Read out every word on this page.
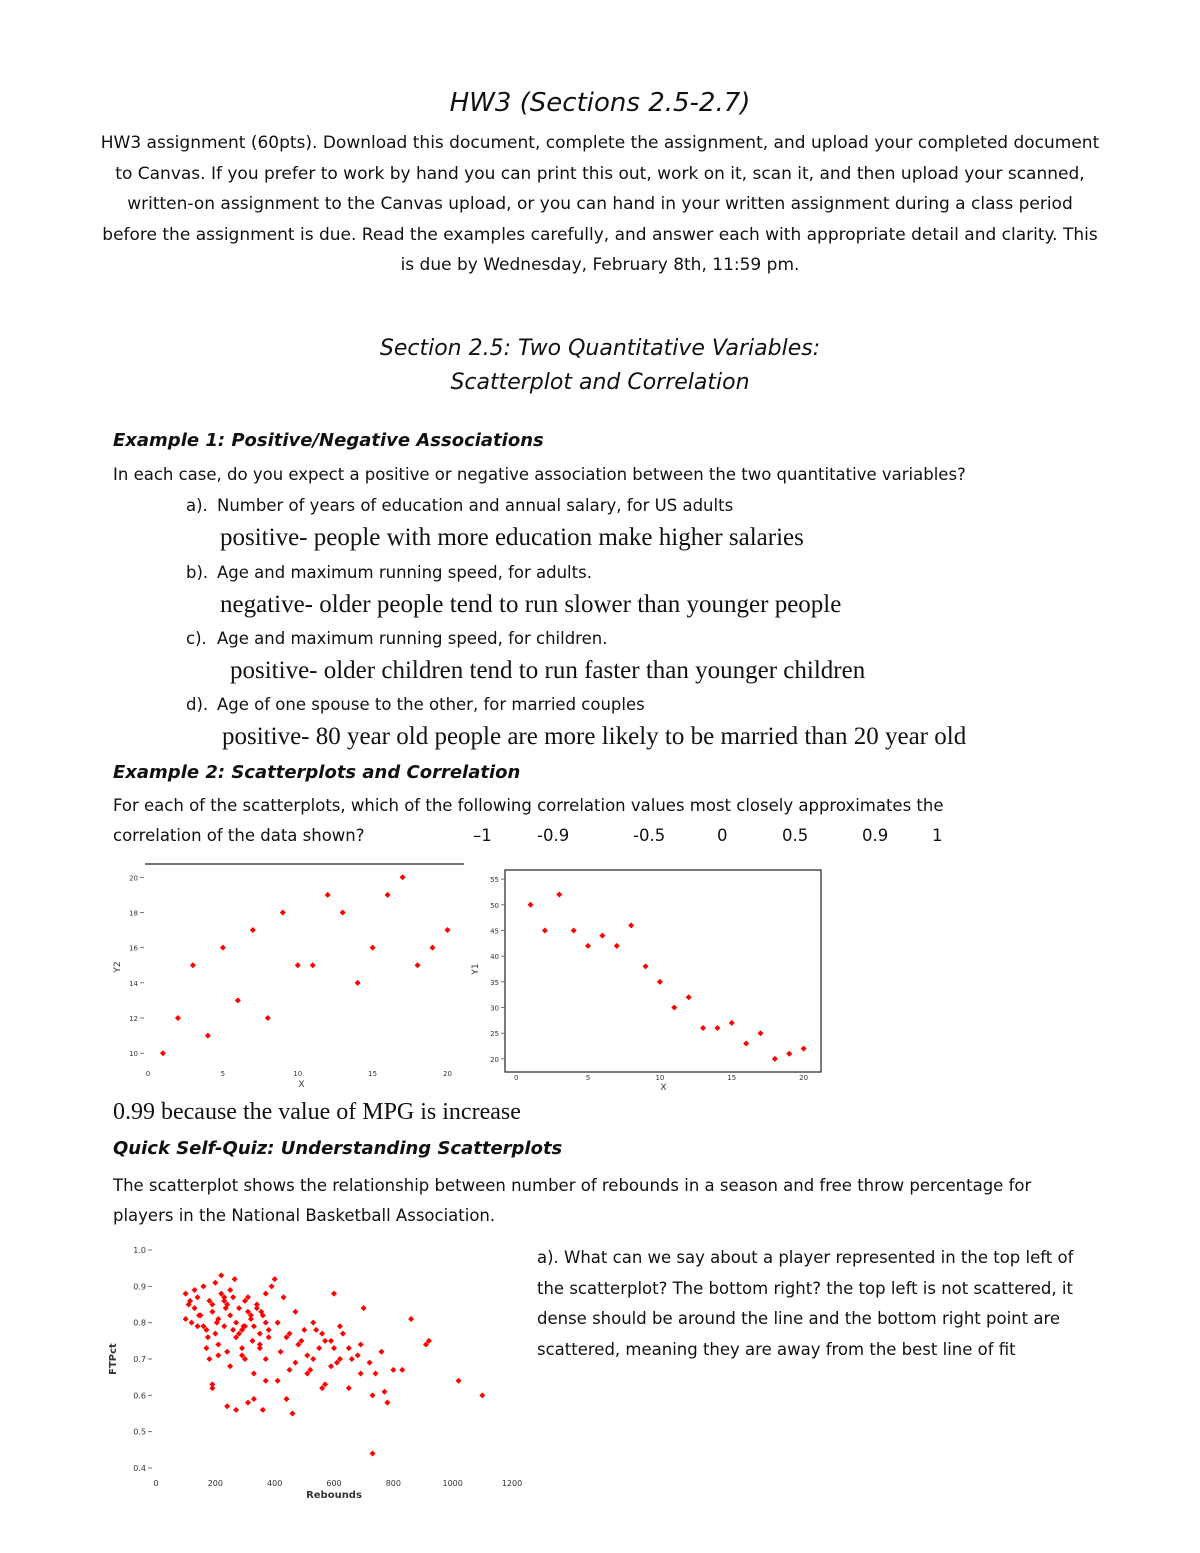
HW3 (Sections 2.5-2.7)
HW3 assignment (60pts). Download this document, complete the assignment, and upload your completed document to Canvas. If you prefer to work by hand you can print this out, work on it, scan it, and then upload your scanned, written-on assignment to the Canvas upload, or you can hand in your written assignment during a class period before the assignment is due. Read the examples carefully, and answer each with appropriate detail and clarity. This is due by Wednesday, February 8th, 11:59 pm.
Section 2.5: Two Quantitative Variables:
Scatterplot and Correlation
Example 1: Positive/Negative Associations
In each case, do you expect a positive or negative association between the two quantitative variables?
a). Number of years of education and annual salary, for US adults
positive- people with more education make higher salaries
b). Age and maximum running speed, for adults.
negative- older people tend to run slower than younger people
c). Age and maximum running speed, for children.
positive- older children tend to run faster than younger children
d). Age of one spouse to the other, for married couples
positive- 80 year old people are more likely to be married than 20 year old
Example 2: Scatterplots and Correlation
For each of the scatterplots, which of the following correlation values most closely approximates the
correlation of the data shown?	–1	-0.9	-0.5	0	0.5	0.9	1
10
12
14
16
18
20
0	5	10	15	20
X
Y2
20
25
30
35
40
45
50
55
0	5	10	15	20
X
Y1
0.99 because the value of MPG is increase
Quick Self-Quiz: Understanding Scatterplots
The scatterplot shows the relationship between number of rebounds in a season and free throw percentage for players in the National Basketball Association.
0.4
0.5
0.6
0.7
0.8
0.9
1.0
0	200	400	600	800	1000	1200
Rebounds
FTPct
a). What can we say about a player represented in the top left of the scatterplot? The bottom right? the top left is not scattered, it dense should be around the line and the bottom right point are scattered, meaning they are away from the best line of fit
